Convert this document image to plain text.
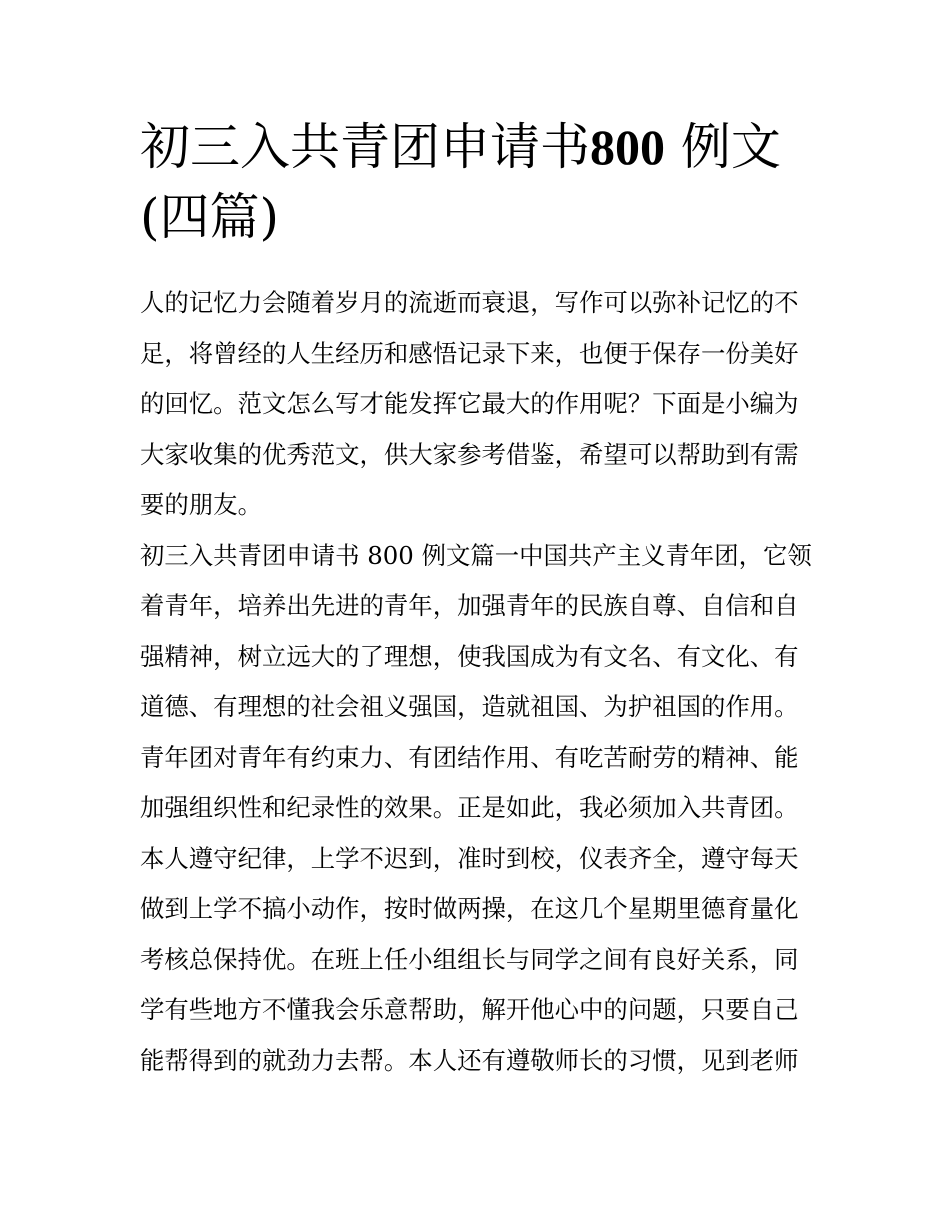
初三入共青团申请书800 例文
(四篇)
人的记忆力会随着岁月的流逝而衰退，写作可以弥补记忆的不
足，将曾经的人生经历和感悟记录下来，也便于保存一份美好
的回忆。范文怎么写才能发挥它最大的作用呢？下面是小编为
大家收集的优秀范文，供大家参考借鉴，希望可以帮助到有需
要的朋友。
初三入共青团申请书 800 例文篇一中国共产主义青年团，它领
着青年，培养出先进的青年，加强青年的民族自尊、自信和自
强精神，树立远大的了理想，使我国成为有文名、有文化、有
道德、有理想的社会祖义强国，造就祖国、为护祖国的作用。
青年团对青年有约束力、有团结作用、有吃苦耐劳的精神、能
加强组织性和纪录性的效果。正是如此，我必须加入共青团。
本人遵守纪律，上学不迟到，准时到校，仪表齐全，遵守每天
做到上学不搞小动作，按时做两操，在这几个星期里德育量化
考核总保持优。在班上任小组组长与同学之间有良好关系，同
学有些地方不懂我会乐意帮助，解开他心中的问题，只要自己
能帮得到的就劲力去帮。本人还有遵敬师长的习惯，见到老师
